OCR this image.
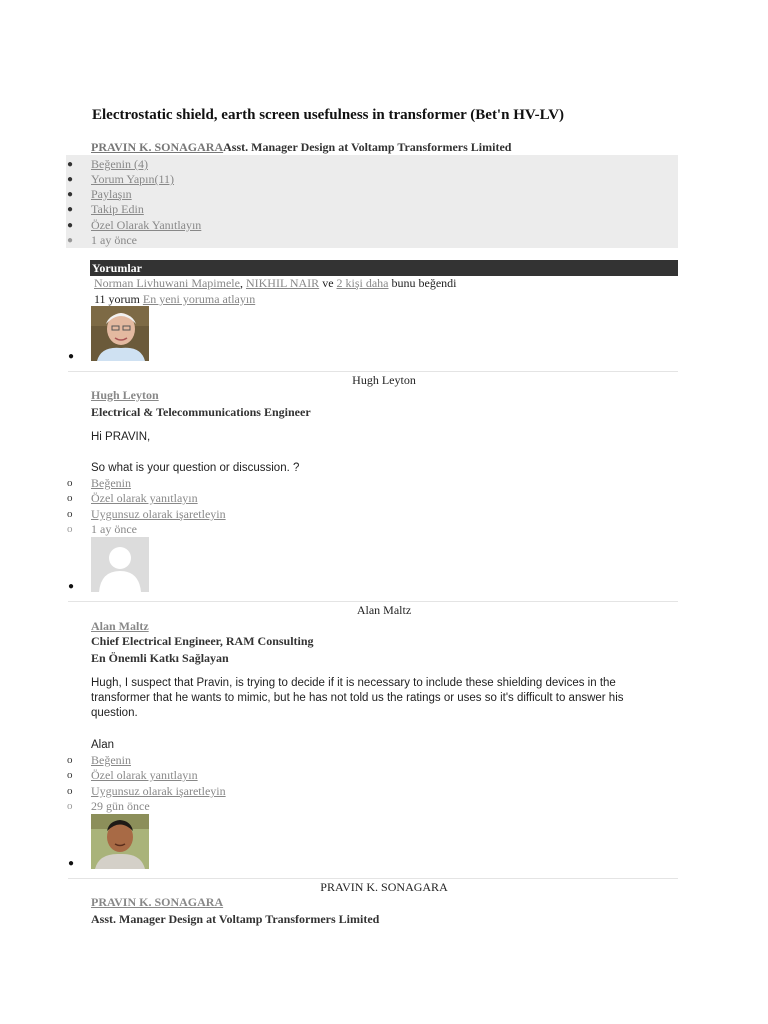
Electrostatic shield, earth screen usefulness in transformer (Bet'n HV-LV)
PRAVIN K. SONAGARAAsst. Manager Design at Voltamp Transformers Limited
● Beğenin (4)
● Yorum Yapın(11)
● Paylaşın
● Takip Edin
● Özel Olarak Yanıtlayın
● 1 ay önce
Yorumlar
Norman Livhuwani Mapimele, NIKHIL NAIR ve 2 kişi daha bunu beğendi
11 yorum En yeni yoruma atlayın
●
Hugh Leyton
Hugh Leyton
Electrical & Telecommunications Engineer
Hi PRAVIN,
So what is your question or discussion. ?
o Beğenin
o Özel olarak yanıtlayın
o Uygunsuz olarak işaretleyin
o 1 ay önce
●
Alan Maltz
Alan Maltz
Chief Electrical Engineer, RAM Consulting
En Önemli Katkı Sağlayan
Hugh, I suspect that Pravin, is trying to decide if it is necessary to include these shielding devices in the transformer that he wants to mimic, but he has not told us the ratings or uses so it's difficult to answer his question.
Alan
o Beğenin
o Özel olarak yanıtlayın
o Uygunsuz olarak işaretleyin
o 29 gün önce
●
PRAVIN K. SONAGARA
PRAVIN K. SONAGARA
Asst. Manager Design at Voltamp Transformers Limited
